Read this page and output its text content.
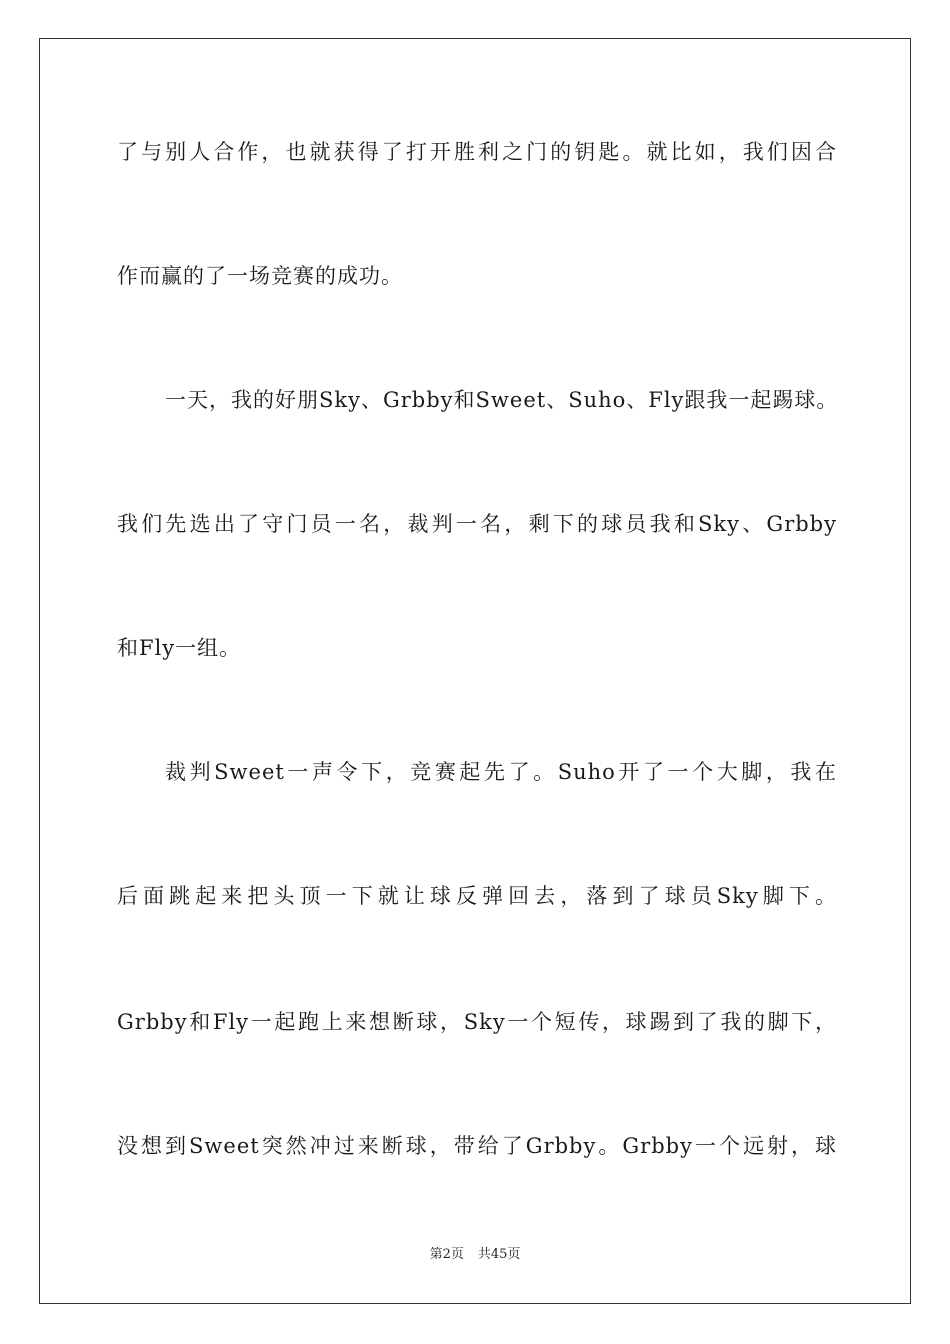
了与别人合作，也就获得了打开胜利之门的钥匙。就比如，我们因合
作而赢的了一场竞赛的成功。
一天，我的好朋Sky、Grbby和Sweet、Suho、Fly跟我一起踢球。
我们先选出了守门员一名，裁判一名，剩下的球员我和Sky、Grbby
和Fly一组。
裁判Sweet一声令下，竞赛起先了。Suho开了一个大脚，我在
后面跳起来把头顶一下就让球反弹回去，落到了球员Sky脚下。
Grbby和Fly一起跑上来想断球，Sky一个短传，球踢到了我的脚下，
没想到Sweet突然冲过来断球，带给了Grbby。Grbby一个远射，球
第2页 共45页
